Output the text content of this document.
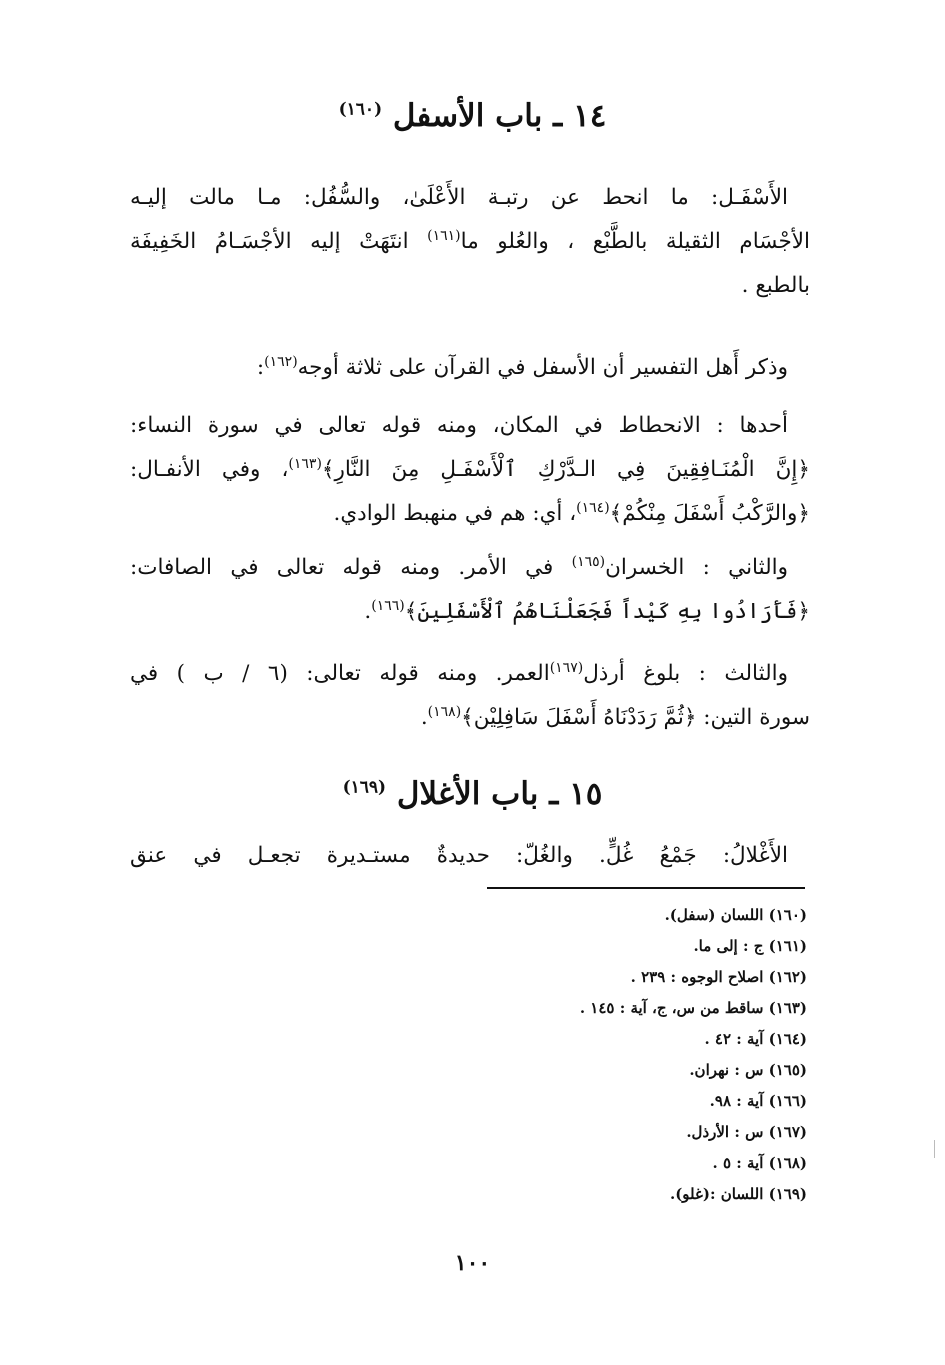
١٤ ـ باب الأسفل $^{(١٦٠)}$
الأَسْفَـل: ما انحط عن رتبـة الأَعْلَىٰ، والسُّفُل: مـا مالت إليـه
الأجْسَام الثقيلة بالطَّبْع ، والعُلو ما$^{(١٦١)}$ انتَهَتْ إليه الأجْسَـامُ الخَفِيفَة
بالطبع .
وذكر أَهل التفسير أن الأسفل في القرآن على ثلاثة أوجه$^{(١٦٢)}$:
أحدها : الانحطاط في المكان، ومنه قوله تعالى في سورة النساء:
﴿إِنَّ الْمُنَـافِقِينَ فِي الـدَّرْكِ ٱلْأَسْفَـلِ مِنَ النَّارِ﴾$^{(١٦٣)}$، وفي الأنفـال:
﴿والرَّكْبُ أَسْفَلَ مِنْكُمْ﴾$^{(١٦٤)}$، أي: هم في منهبط الوادي.
والثاني : الخسران$^{(١٦٥)}$ في الأمر. ومنه قوله تعالى في الصافات:
﴿فَأَرَادُوا بِهِ كَيْداً فَجَعَلْنَاهُمُ ٱلْأَسْفَلِينَ﴾$^{(١٦٦)}$.
والثالث : بلوغ أرذل$^{(١٦٧)}$العمر. ومنه قوله تعالى: (٦ / ب ) في
سورة التين: ﴿ثُمَّ رَدَدْنَاهُ أَسْفَلَ سَافِلِيْن﴾$^{(١٦٨)}$.
١٥ ـ باب الأغلال $^{(١٦٩)}$
الأَغْلالُ: جَمْعُ غُلٍّ. والغُلّ: حديدةٌ مستـديرة تجعـل في عنق
(١٦٠) اللسان (سفل).
(١٦١) ج : إلى ما.
(١٦٢) اصلاح الوجوه : ٢٣٩ .
(١٦٣) ساقط من س، ج، آية : ١٤٥ .
(١٦٤) آية : ٤٢ .
(١٦٥) س : نهران.
(١٦٦) آية : ٩٨.
(١٦٧) س : الأرذل.
(١٦٨) آية : ٥ .
(١٦٩) اللسان :(غلو).
١٠٠
